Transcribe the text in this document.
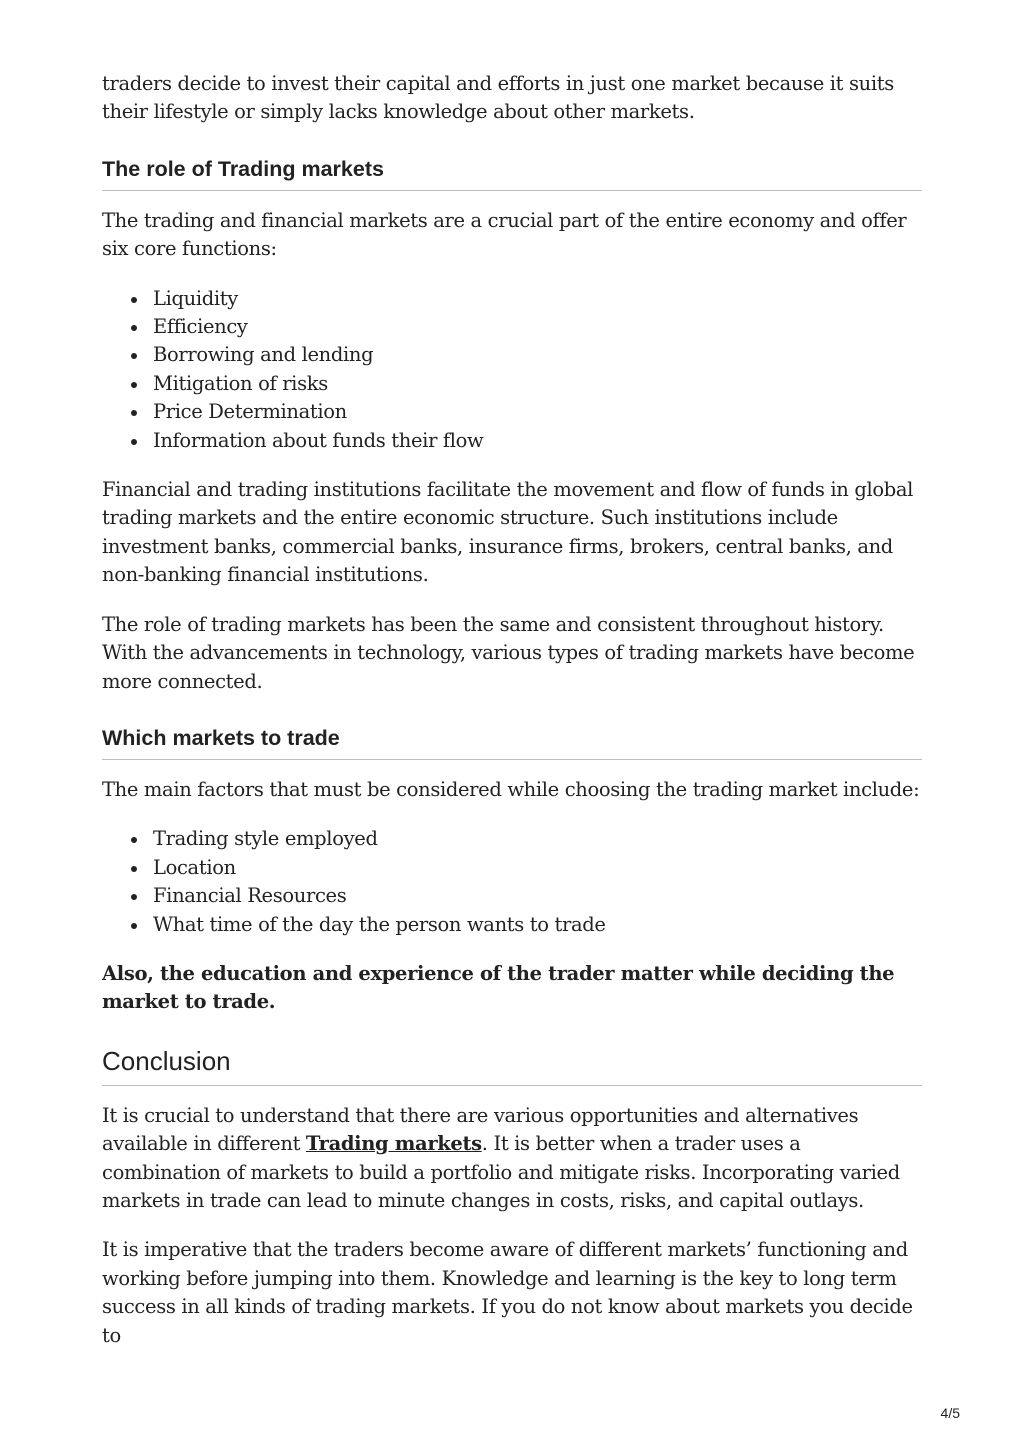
traders decide to invest their capital and efforts in just one market because it suits their lifestyle or simply lacks knowledge about other markets.

The role of Trading markets

The trading and financial markets are a crucial part of the entire economy and offer six core functions:

Liquidity
Efficiency
Borrowing and lending
Mitigation of risks
Price Determination
Information about funds their flow

Financial and trading institutions facilitate the movement and flow of funds in global trading markets and the entire economic structure. Such institutions include investment banks, commercial banks, insurance firms, brokers, central banks, and non-banking financial institutions.

The role of trading markets has been the same and consistent throughout history. With the advancements in technology, various types of trading markets have become more connected.

Which markets to trade

The main factors that must be considered while choosing the trading market include:

Trading style employed
Location
Financial Resources
What time of the day the person wants to trade

Also, the education and experience of the trader matter while deciding the market to trade.

Conclusion

It is crucial to understand that there are various opportunities and alternatives available in different Trading markets. It is better when a trader uses a combination of markets to build a portfolio and mitigate risks. Incorporating varied markets in trade can lead to minute changes in costs, risks, and capital outlays.

It is imperative that the traders become aware of different markets’ functioning and working before jumping into them. Knowledge and learning is the key to long term success in all kinds of trading markets. If you do not know about markets you decide to

4/5
